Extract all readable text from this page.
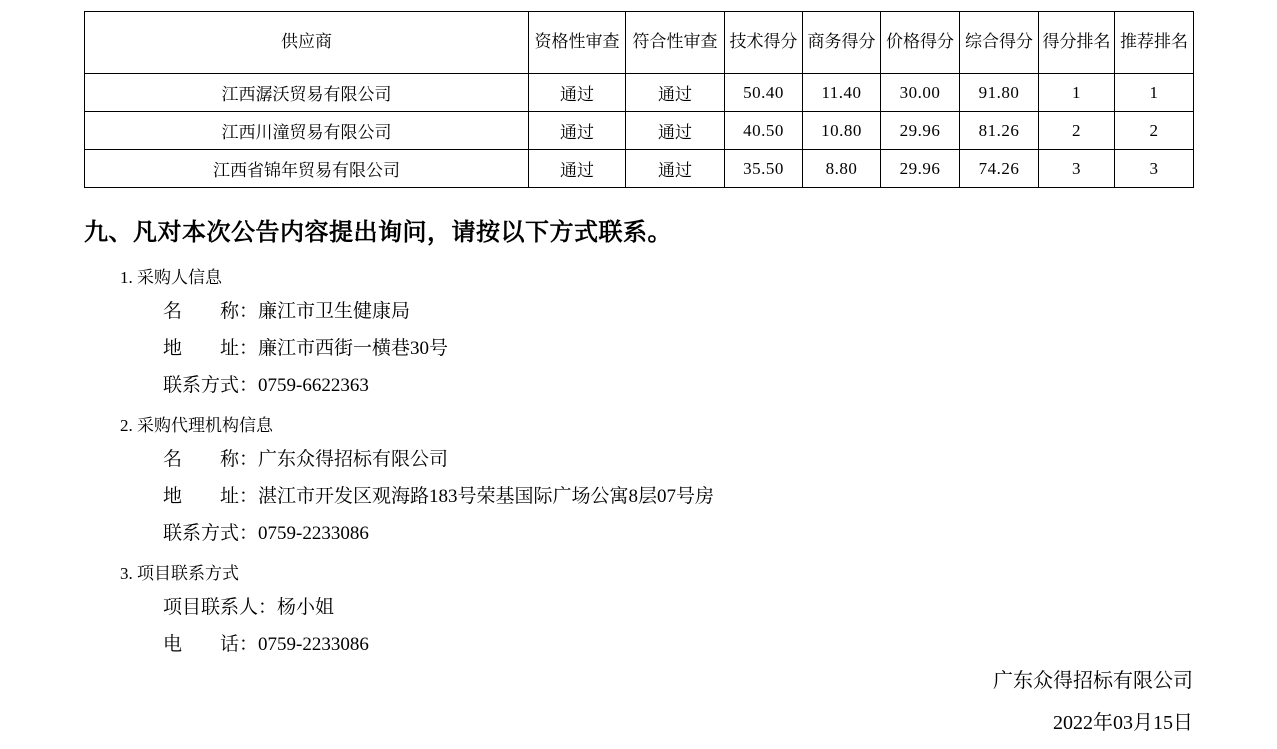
供应商	资格性审查	符合性审查	技术得分	商务得分	价格得分	综合得分	得分排名	推荐排名
江西潺沃贸易有限公司	通过	通过	50.40	11.40	30.00	91.80	1	1
江西川潼贸易有限公司	通过	通过	40.50	10.80	29.96	81.26	2	2
江西省锦年贸易有限公司	通过	通过	35.50	8.80	29.96	74.26	3	3
九、凡对本次公告内容提出询问，请按以下方式联系。
1. 采购人信息
名　　称：廉江市卫生健康局
地　　址：廉江市西街一横巷30号
联系方式：0759-6622363
2. 采购代理机构信息
名　　称：广东众得招标有限公司
地　　址：湛江市开发区观海路183号荣基国际广场公寓8层07号房
联系方式：0759-2233086
3. 项目联系方式
项目联系人：杨小姐
电　　话：0759-2233086
广东众得招标有限公司
2022年03月15日
